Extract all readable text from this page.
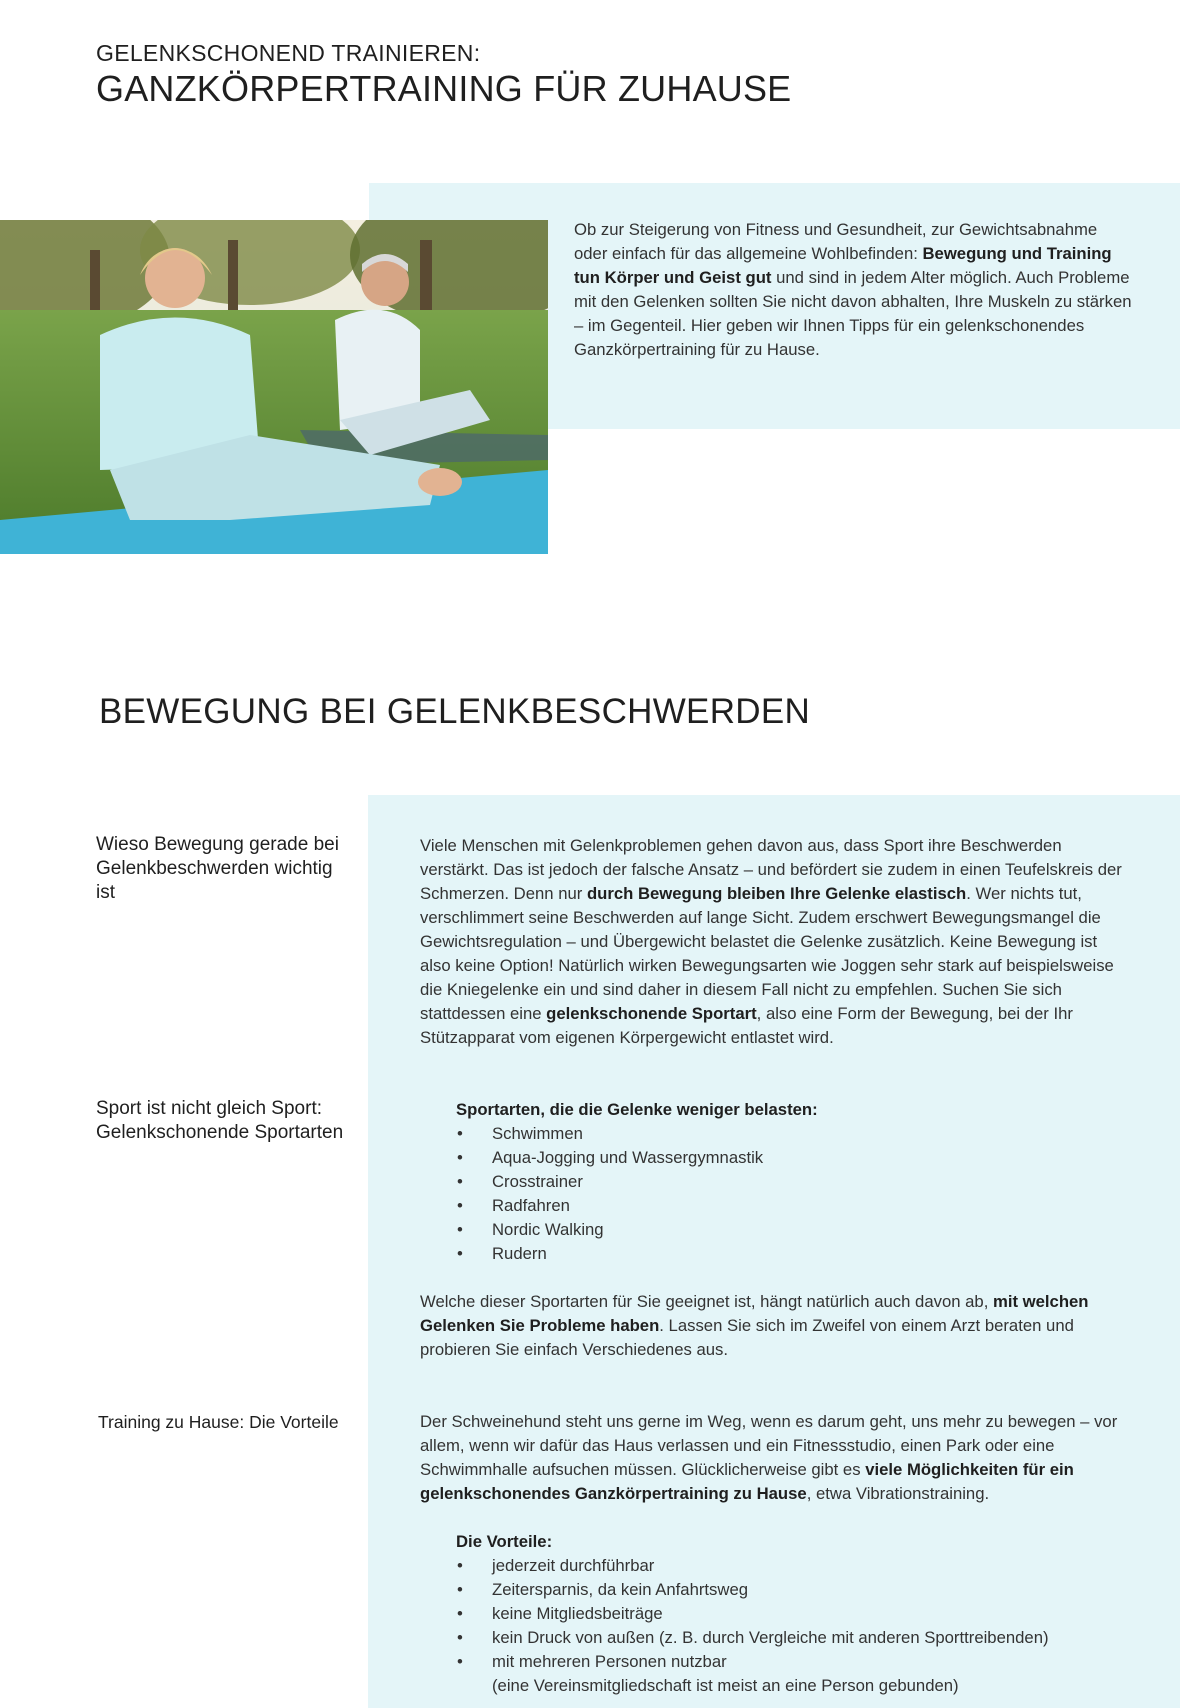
GELENKSCHONEND TRAINIEREN:
GANZKÖRPERTRAINING FÜR ZUHAUSE
Ob zur Steigerung von Fitness und Gesundheit, zur Gewichtsabnahme oder einfach für das allgemeine Wohlbefinden: Bewegung und Training tun Körper und Geist gut und sind in jedem Alter möglich. Auch Probleme mit den Gelenken sollten Sie nicht davon abhalten, Ihre Muskeln zu stärken – im Gegenteil. Hier geben wir Ihnen Tipps für ein gelenkschonendes Ganzkörpertraining für zu Hause.
BEWEGUNG BEI GELENKBESCHWERDEN
Wieso Bewegung gerade bei Gelenkbeschwerden wichtig ist
Viele Menschen mit Gelenkproblemen gehen davon aus, dass Sport ihre Beschwerden verstärkt. Das ist jedoch der falsche Ansatz – und befördert sie zudem in einen Teufelskreis der Schmerzen. Denn nur durch Bewegung bleiben Ihre Gelenke elastisch. Wer nichts tut, verschlimmert seine Beschwerden auf lange Sicht. Zudem erschwert Bewegungsmangel die Gewichtsregulation – und Übergewicht belastet die Gelenke zusätzlich. Keine Bewegung ist also keine Option! Natürlich wirken Bewegungsarten wie Joggen sehr stark auf beispielsweise die Kniegelenke ein und sind daher in diesem Fall nicht zu empfehlen. Suchen Sie sich stattdessen eine gelenkschonende Sportart, also eine Form der Bewegung, bei der Ihr Stützapparat vom eigenen Körpergewicht entlastet wird.
Sport ist nicht gleich Sport: Gelenkschonende Sportarten
Sportarten, die die Gelenke weniger belasten:
• Schwimmen
• Aqua-Jogging und Wassergymnastik
• Crosstrainer
• Radfahren
• Nordic Walking
• Rudern
Welche dieser Sportarten für Sie geeignet ist, hängt natürlich auch davon ab, mit welchen Gelenken Sie Probleme haben. Lassen Sie sich im Zweifel von einem Arzt beraten und probieren Sie einfach Verschiedenes aus.
Training zu Hause: Die Vorteile	Der Schweinehund steht uns gerne im Weg, wenn es darum geht, uns mehr zu bewegen – vor allem, wenn wir dafür das Haus verlassen und ein Fitnessstudio, einen Park oder eine Schwimmhalle aufsuchen müssen. Glücklicherweise gibt es viele Möglichkeiten für ein gelenkschonendes Ganzkörpertraining zu Hause, etwa Vibrationstraining.
Die Vorteile:
• jederzeit durchführbar
• Zeitersparnis, da kein Anfahrtsweg
• keine Mitgliedsbeiträge
• kein Druck von außen (z. B. durch Vergleiche mit anderen Sporttreibenden)
• mit mehreren Personen nutzbar
(eine Vereinsmitgliedschaft ist meist an eine Person gebunden)
